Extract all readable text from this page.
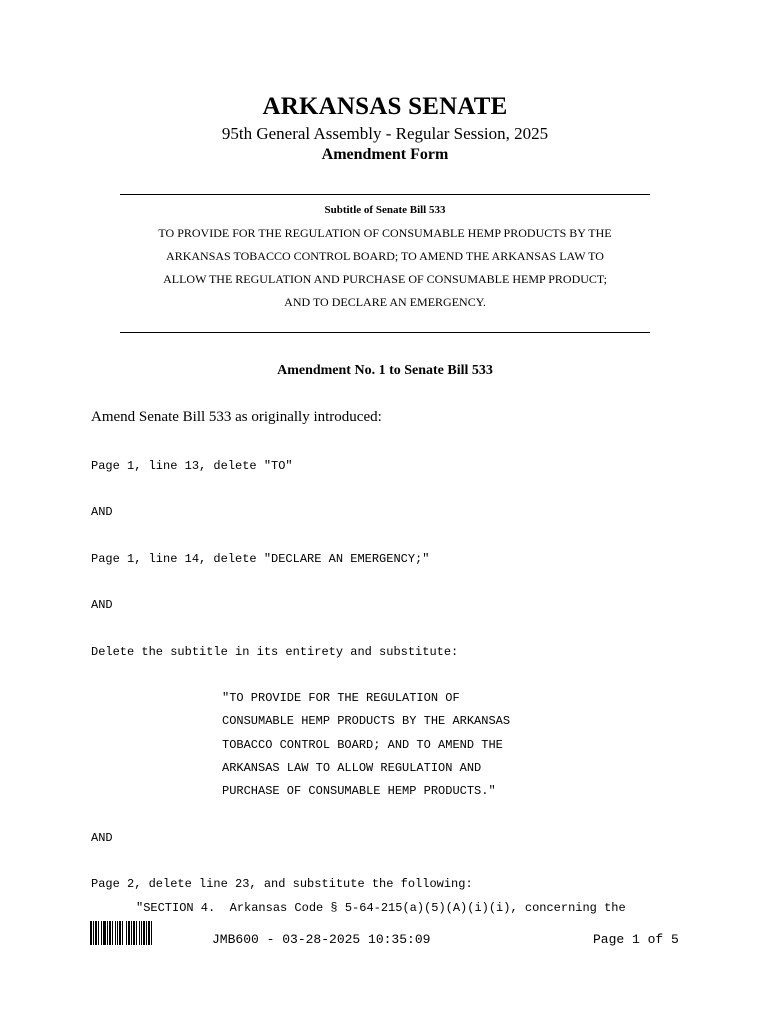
ARKANSAS SENATE
95th General Assembly - Regular Session, 2025
Amendment Form
Subtitle of Senate Bill 533
TO PROVIDE FOR THE REGULATION OF CONSUMABLE HEMP PRODUCTS BY THE
ARKANSAS TOBACCO CONTROL BOARD; TO AMEND THE ARKANSAS LAW TO
ALLOW THE REGULATION AND PURCHASE OF CONSUMABLE HEMP PRODUCT;
AND TO DECLARE AN EMERGENCY.
Amendment No. 1 to Senate Bill 533
Amend Senate Bill 533 as originally introduced:
Page 1, line 13, delete "TO"
AND
Page 1, line 14, delete "DECLARE AN EMERGENCY;"
AND
Delete the subtitle in its entirety and substitute:
"TO PROVIDE FOR THE REGULATION OF
CONSUMABLE HEMP PRODUCTS BY THE ARKANSAS
TOBACCO CONTROL BOARD; AND TO AMEND THE
ARKANSAS LAW TO ALLOW REGULATION AND
PURCHASE OF CONSUMABLE HEMP PRODUCTS."
AND
Page 2, delete line 23, and substitute the following:
"SECTION 4.  Arkansas Code § 5-64-215(a)(5)(A)(i)(i), concerning the
JMB600 - 03-28-2025 10:35:09	Page 1 of 5
